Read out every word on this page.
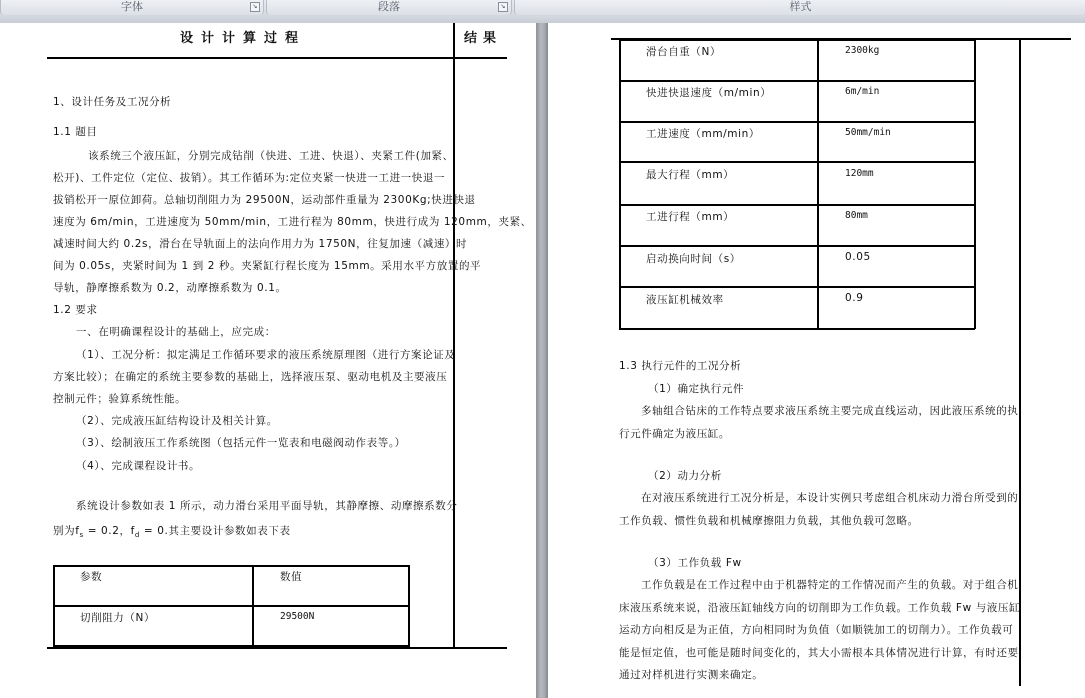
字体	↘	段落	↘	样式
设计计算过程	结果
1、设计任务及工况分析
1.1 题目
该系统三个液压缸，分别完成钻削（快进、工进、快退）、夹紧工件(加紧、
松开)、工件定位（定位、拔销）。其工作循环为:定位夹紧一快进一工进一快退一
拔销松开一原位卸荷。总轴切削阻力为 29500N，运动部件重量为 2300Kg;快进快退
速度为 6m/min，工进速度为 50mm/min，工进行程为 80mm，快进行成为 120mm，夹紧、
减速时间大约 0.2s，滑台在导轨面上的法向作用力为 1750N，往复加速（减速）时
间为 0.05s，夹紧时间为 1 到 2 秒。夹紧缸行程长度为 15mm。采用水平方放置的平
导轨，静摩擦系数为 0.2，动摩擦系数为 0.1。
1.2 要求
一、在明确课程设计的基础上，应完成：
（1）、工况分析：拟定满足工作循环要求的液压系统原理图（进行方案论证及
方案比较）；在确定的系统主要参数的基础上，选择液压泵、驱动电机及主要液压
控制元件；验算系统性能。
（2）、完成液压缸结构设计及相关计算。
（3）、绘制液压工作系统图（包括元件一览表和电磁阀动作表等。）
（4）、完成课程设计书。
系统设计参数如表 1 所示，动力滑台采用平面导轨，其静摩擦、动摩擦系数分
别为$f_s = 0.2$，$f_d = 0$.其主要设计参数如表下表
参数	数值
切削阻力（N）	29500N
滑台自重（N）	2300kg
快进快退速度（m/min）	6m/min
工进速度（mm/min）	50mm/min
最大行程（mm）	120mm
工进行程（mm）	80mm
启动换向时间（s）	0.05
液压缸机械效率	0.9
1.3 执行元件的工况分析
（1）确定执行元件
多轴组合钻床的工作特点要求液压系统主要完成直线运动，因此液压系统的执
行元件确定为液压缸。
（2）动力分析
在对液压系统进行工况分析是，本设计实例只考虑组合机床动力滑台所受到的
工作负载、惯性负载和机械摩擦阻力负载，其他负载可忽略。
（3）工作负载 Fw
工作负载是在工作过程中由于机器特定的工作情况而产生的负载。对于组合机
床液压系统来说，沿液压缸轴线方向的切削即为工作负载。工作负载 Fw 与液压缸
运动方向相反是为正值，方向相同时为负值（如顺铣加工的切削力）。工作负载可
能是恒定值，也可能是随时间变化的，其大小需根本具体情况进行计算，有时还要
通过对样机进行实测来确定。
